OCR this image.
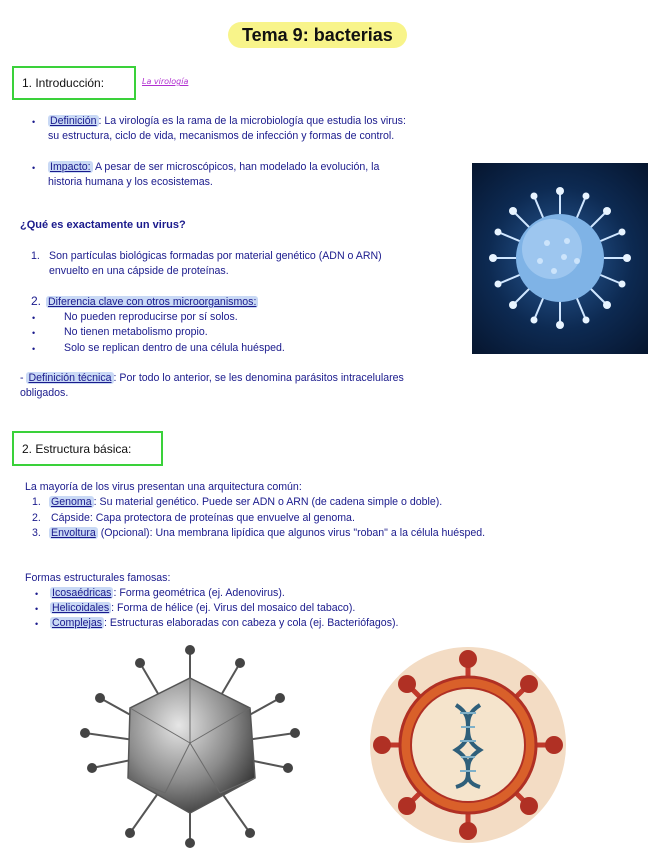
Tema 9: bacterias
1. Introducción:	La virología
• Definición : La virología es la rama de la microbiología que estudia los virus:
su estructura, ciclo de vida, mecanismos de infección y formas de control.
• Impacto: A pesar de ser microscópicos, han modelado la evolución, la
historia humana y los ecosistemas.
¿Qué es exactamente un virus?
1. Son partículas biológicas formadas por material genético (ADN o ARN)
envuelto en una cápside de proteínas.
2. Diferencia clave con otros microorganismos:
•	No pueden reproducirse por sí solos.
•	No tienen metabolismo propio.
•	Solo se replican dentro de una célula huésped.
- Definición técnica : Por todo lo anterior, se les denomina parásitos intracelulares
obligados.
2. Estructura básica:
La mayoría de los virus presentan una arquitectura común:
1. Genoma : Su material genético. Puede ser ADN o ARN (de cadena simple o doble).
2. Cápside: Capa protectora de proteínas que envuelve al genoma.
3. Envoltura (Opcional): Una membrana lipídica que algunos virus "roban" a la célula huésped.
Formas estructurales famosas:
• Icosaédricas : Forma geométrica (ej. Adenovirus).
• Helicoidales : Forma de hélice (ej. Virus del mosaico del tabaco).
• Complejas : Estructuras elaboradas con cabeza y cola (ej. Bacteriófagos).
